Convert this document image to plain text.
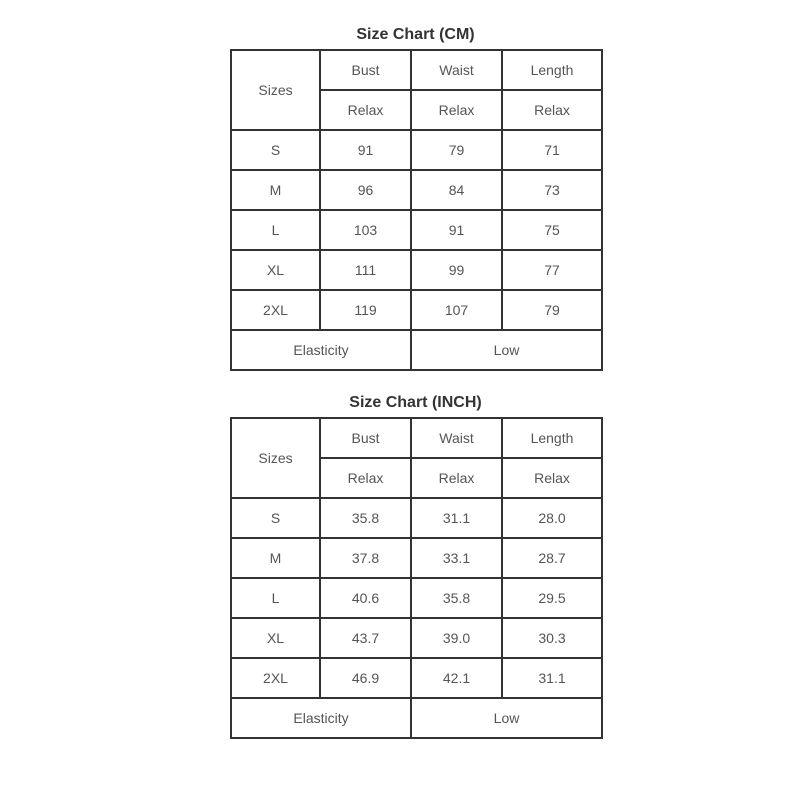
Size Chart (CM)
Sizes	Bust	Waist	Length
	Relax	Relax	Relax
S	91	79	71
M	96	84	73
L	103	91	75
XL	111	99	77
2XL	119	107	79
Elasticity		Low	
Size Chart (INCH)
Sizes	Bust	Waist	Length
	Relax	Relax	Relax
S	35.8	31.1	28.0
M	37.8	33.1	28.7
L	40.6	35.8	29.5
XL	43.7	39.0	30.3
2XL	46.9	42.1	31.1
Elasticity		Low	
